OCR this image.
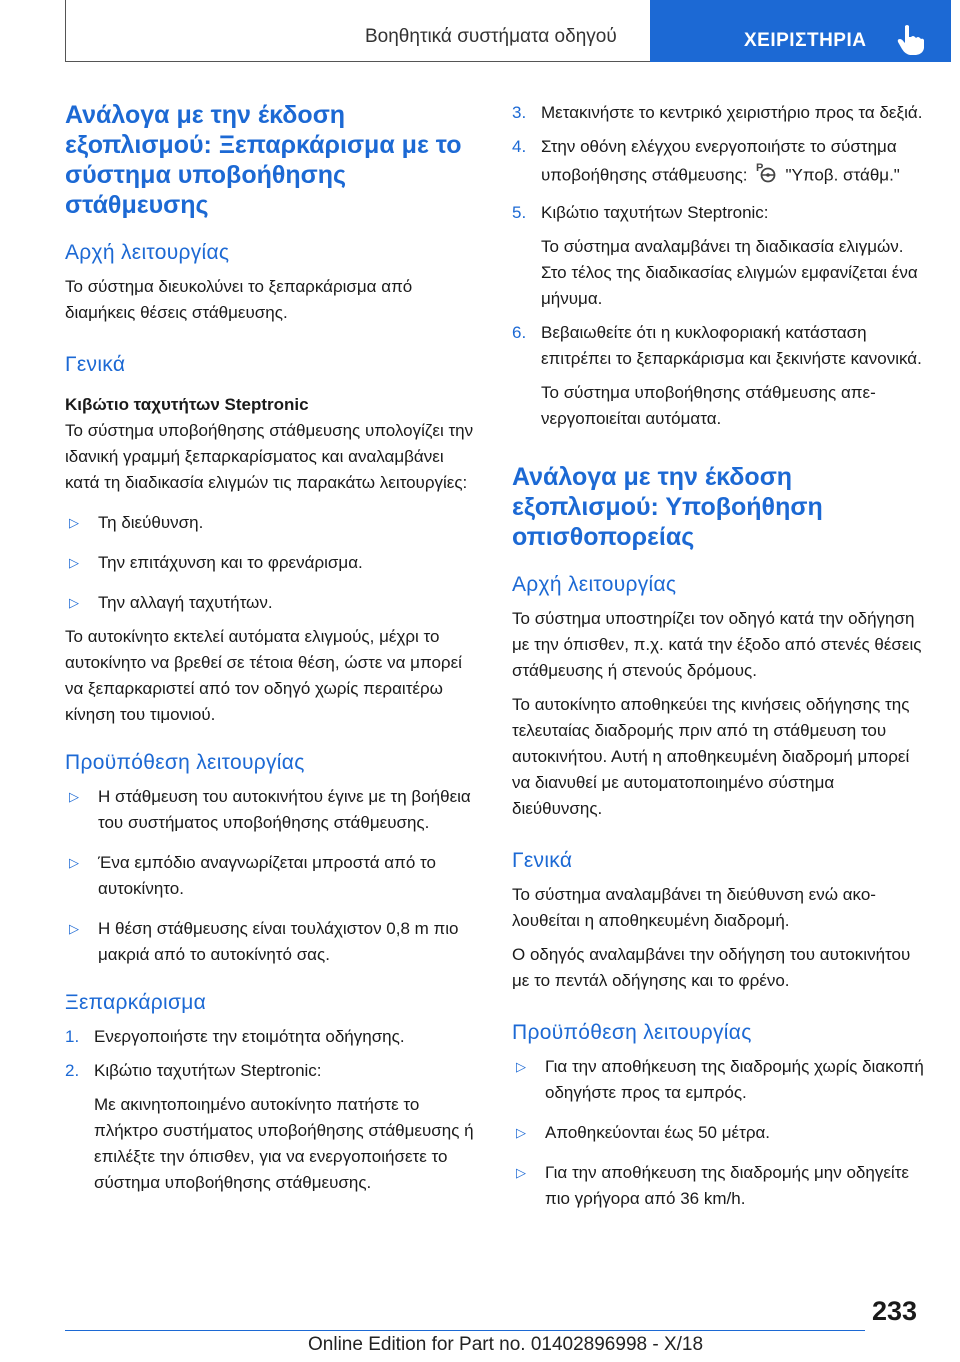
Βοηθητικά συστήματα οδηγού	ΧΕΙΡΙΣΤΗΡΙΑ
Ανάλογα με την έκδοση εξοπλισμού: Ξεπαρκάρισμα με το σύστημα υποβοήθησης στάθμευσης
Αρχή λειτουργίας
Το σύστημα διευκολύνει το ξεπαρκάρισμα από διαμήκεις θέσεις στάθμευσης.
Γενικά
Κιβώτιο ταχυτήτων Steptronic
Το σύστημα υποβοήθησης στάθμευσης υπολογίζει την ιδανική γραμμή ξεπαρκαρίσματος και αναλαμβάνει κατά τη διαδικασία ελιγμών τις παρακάτω λειτουργίες:
▷ Τη διεύθυνση.
▷ Την επιτάχυνση και το φρενάρισμα.
▷ Την αλλαγή ταχυτήτων.
Το αυτοκίνητο εκτελεί αυτόματα ελιγμούς, μέχρι το αυτοκίνητο να βρεθεί σε τέτοια θέση, ώστε να μπορεί να ξεπαρκαριστεί από τον οδηγό χωρίς περαιτέρω κίνηση του τιμονιού.
Προϋπόθεση λειτουργίας
▷ Η στάθμευση του αυτοκινήτου έγινε με τη βοήθεια του συστήματος υποβοήθησης στάθμευσης.
▷ Ένα εμπόδιο αναγνωρίζεται μπροστά από το αυτοκίνητο.
▷ Η θέση στάθμευσης είναι τουλάχιστον 0,8 m πιο μακριά από το αυτοκίνητό σας.
Ξεπαρκάρισμα
1. Ενεργοποιήστε την ετοιμότητα οδήγησης.
2. Κιβώτιο ταχυτήτων Steptronic:
Με ακινητοποιημένο αυτοκίνητο πατήστε το πλήκτρο συστήματος υποβοήθησης στάθμευσης ή επιλέξτε την όπισθεν, για να ενεργοποιήσετε το σύστημα υποβοήθησης στάθμευσης.
3. Μετακινήστε το κεντρικό χειριστήριο προς τα δεξιά.
4. Στην οθόνη ελέγχου ενεργοποιήστε το σύστημα υποβοήθησης στάθμευσης: P "Υποβ. στάθμ."
5. Κιβώτιο ταχυτήτων Steptronic:
Το σύστημα αναλαμβάνει τη διαδικασία ελιγμών. Στο τέλος της διαδικασίας ελιγμών εμφανίζεται ένα μήνυμα.
6. Βεβαιωθείτε ότι η κυκλοφοριακή κατάσταση επιτρέπει το ξεπαρκάρισμα και ξεκινήστε κανονικά.
Το σύστημα υποβοήθησης στάθμευσης απενεργοποιείται αυτόματα.
Ανάλογα με την έκδοση εξοπλισμού: Υποβοήθηση οπισθοπορείας
Αρχή λειτουργίας
Το σύστημα υποστηρίζει τον οδηγό κατά την οδήγηση με την όπισθεν, π.χ. κατά την έξοδο από στενές θέσεις στάθμευσης ή στενούς δρόμους.
Το αυτοκίνητο αποθηκεύει της κινήσεις οδήγησης της τελευταίας διαδρομής πριν από τη στάθμευση του αυτοκινήτου. Αυτή η αποθηκευμένη διαδρομή μπορεί να διανυθεί με αυτοματοποιημένο σύστημα διεύθυνσης.
Γενικά
Το σύστημα αναλαμβάνει τη διεύθυνση ενώ ακολουθείται η αποθηκευμένη διαδρομή.
Ο οδηγός αναλαμβάνει την οδήγηση του αυτοκινήτου με το πεντάλ οδήγησης και το φρένο.
Προϋπόθεση λειτουργίας
▷ Για την αποθήκευση της διαδρομής χωρίς διακοπή οδηγήστε προς τα εμπρός.
▷ Αποθηκεύονται έως 50 μέτρα.
▷ Για την αποθήκευση της διαδρομής μην οδηγείτε πιο γρήγορα από 36 km/h.
233
Online Edition for Part no. 01402896998 - X/18
